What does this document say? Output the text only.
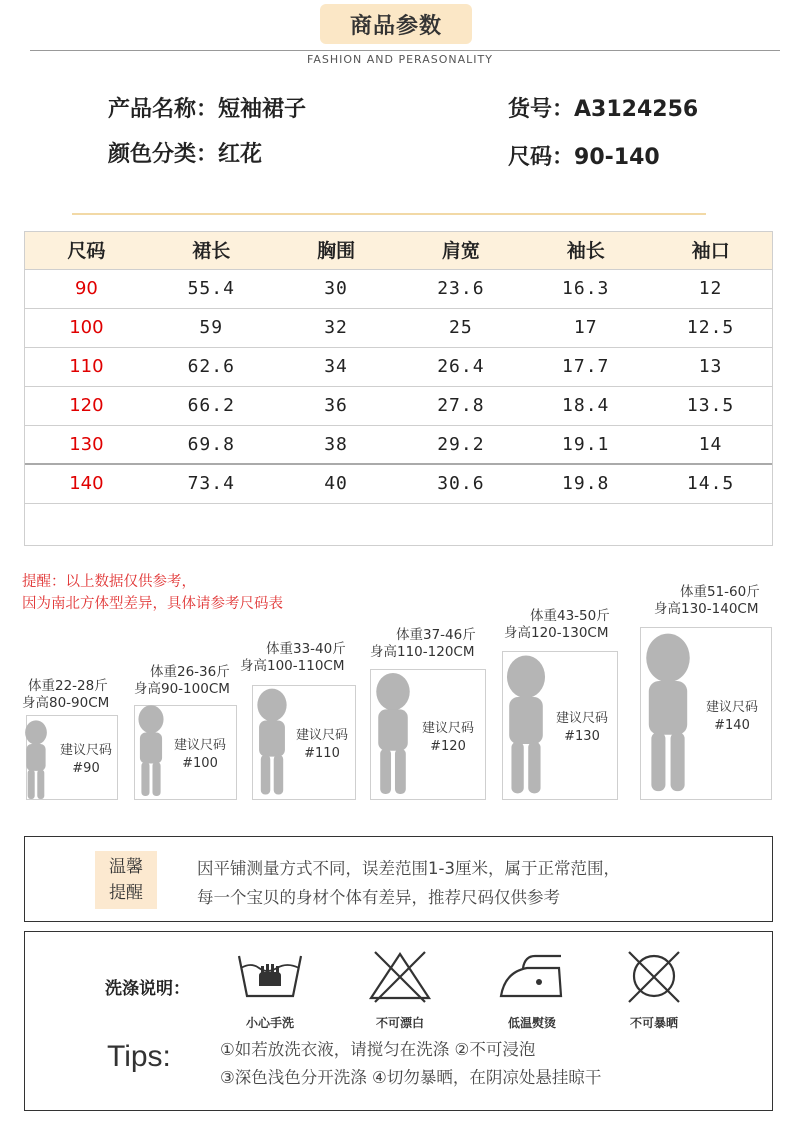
商品参数
FASHION AND PERASONALITY
产品名称：短袖裙子
颜色分类：红花
货号：A3124256
尺码：90-140
尺码	裙长	胸围	肩宽	袖长	袖口
90	55.4	30	23.6	16.3	12
100	59	32	25	17	12.5
110	62.6	34	26.4	17.7	13
120	66.2	36	27.8	18.4	13.5
130	69.8	38	29.2	19.1	14
140	73.4	40	30.6	19.8	14.5

提醒：以上数据仅供参考，
因为南北方体型差异，具体请参考尺码表
体重22-28斤
身高80-90CM
建议尺码
#90
体重26-36斤
身高90-100CM
建议尺码
#100
体重33-40斤
身高100-110CM
建议尺码
#110
体重37-46斤
身高110-120CM
建议尺码
#120
体重43-50斤
身高120-130CM
建议尺码
#130
体重51-60斤
身高130-140CM
建议尺码
#140
温馨
提醒
因平铺测量方式不同，误差范围1-3厘米，属于正常范围，
每一个宝贝的身材个体有差异，推荐尺码仅供参考
洗涤说明：
小心手洗	不可漂白	低温熨烫	不可暴晒
Tips:	①如若放洗衣液，请搅匀在洗涤 ②不可浸泡
③深色浅色分开洗涤 ④切勿暴晒，在阴凉处悬挂晾干
